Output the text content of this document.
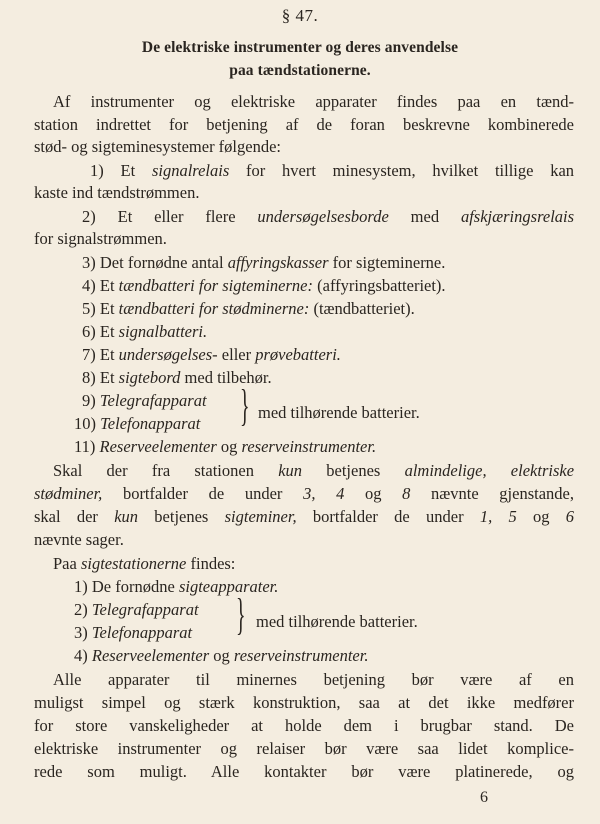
§ 47.
De elektriske instrumenter og deres anvendelse
paa tændstationerne.
Af instrumenter og elektriske apparater findes paa en tænd-
station indrettet for betjening af de foran beskrevne kombinerede
stød- og sigteminesystemer følgende:
1) Et signalrelais for hvert minesystem, hvilket tillige kan
kaste ind tændstrømmen.
2) Et eller flere undersøgelsesborde med afskjæringsrelais
for signalstrømmen.
3) Det fornødne antal affyringskasser for sigteminerne.
4) Et tændbatteri for sigteminerne: (affyringsbatteriet).
5) Et tændbatteri for stødminerne: (tændbatteriet).
6) Et signalbatteri.
7) Et undersøgelses- eller prøvebatteri.
8) Et sigtebord med tilbehør.
9) Telegrafapparat
10) Telefonapparat } med tilhørende batterier.
11) Reserveelementer og reserveinstrumenter.
Skal der fra stationen kun betjenes almindelige, elektriske
stødminer, bortfalder de under 3, 4 og 8 nævnte gjenstande,
skal der kun betjenes sigteminer, bortfalder de under 1, 5 og 6
nævnte sager.
Paa sigtestationerne findes:
1) De fornødne sigteapparater.
2) Telegrafapparat
3) Telefonapparat } med tilhørende batterier.
4) Reserveelementer og reserveinstrumenter.
Alle apparater til minernes betjening bør være af en
muligst simpel og stærk konstruktion, saa at det ikke medfører
for store vanskeligheder at holde dem i brugbar stand. De
elektriske instrumenter og relaiser bør være saa lidet komplice-
rede som muligt. Alle kontakter bør være platinerede, og
6
